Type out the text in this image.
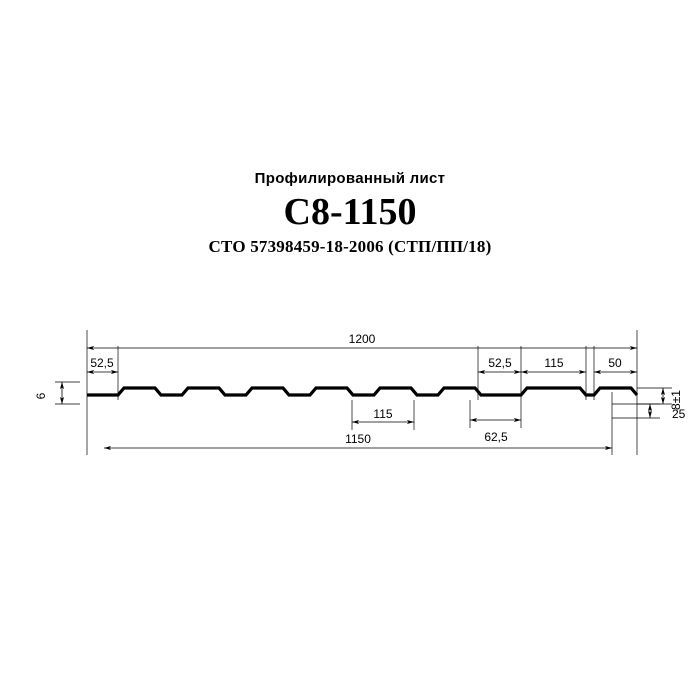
Профилированный лист

С8-1150

СТО 57398459-18-2006 (СТП/ПП/18)

1200
52,5	52,5	115	50
115
62,5
1150
8±1
25
6
